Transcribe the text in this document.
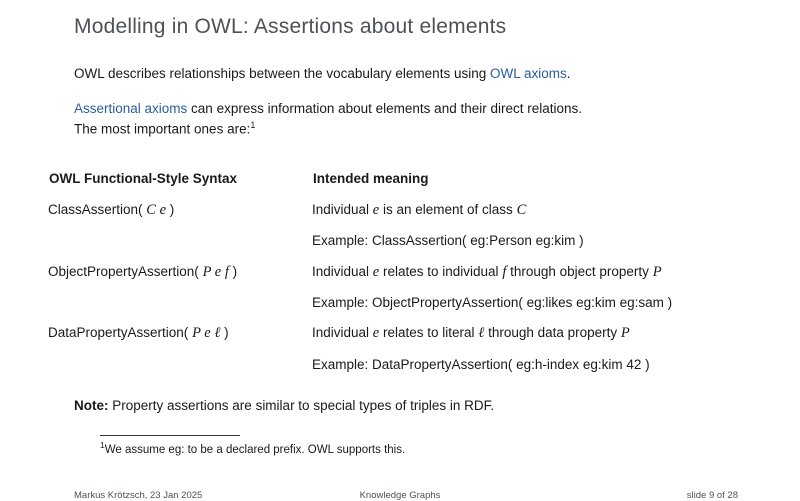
Modelling in OWL: Assertions about elements
OWL describes relationships between the vocabulary elements using OWL axioms.
Assertional axioms can express information about elements and their direct relations.
The most important ones are:$^1$
OWL Functional-Style Syntax	Intended meaning
ClassAssertion( C e )	Individual e is an element of class C
	Example: ClassAssertion( eg:Person eg:kim )
ObjectPropertyAssertion( P e f )	Individual e relates to individual f through object property P
	Example: ObjectPropertyAssertion( eg:likes eg:kim eg:sam )
DataPropertyAssertion( P e ℓ )	Individual e relates to literal ℓ through data property P
	Example: DataPropertyAssertion( eg:h-index eg:kim 42 )
Note: Property assertions are similar to special types of triples in RDF.
$^1$We assume eg: to be a declared prefix. OWL supports this.
Markus Krötzsch, 23 Jan 2025	Knowledge Graphs	slide 9 of 28
